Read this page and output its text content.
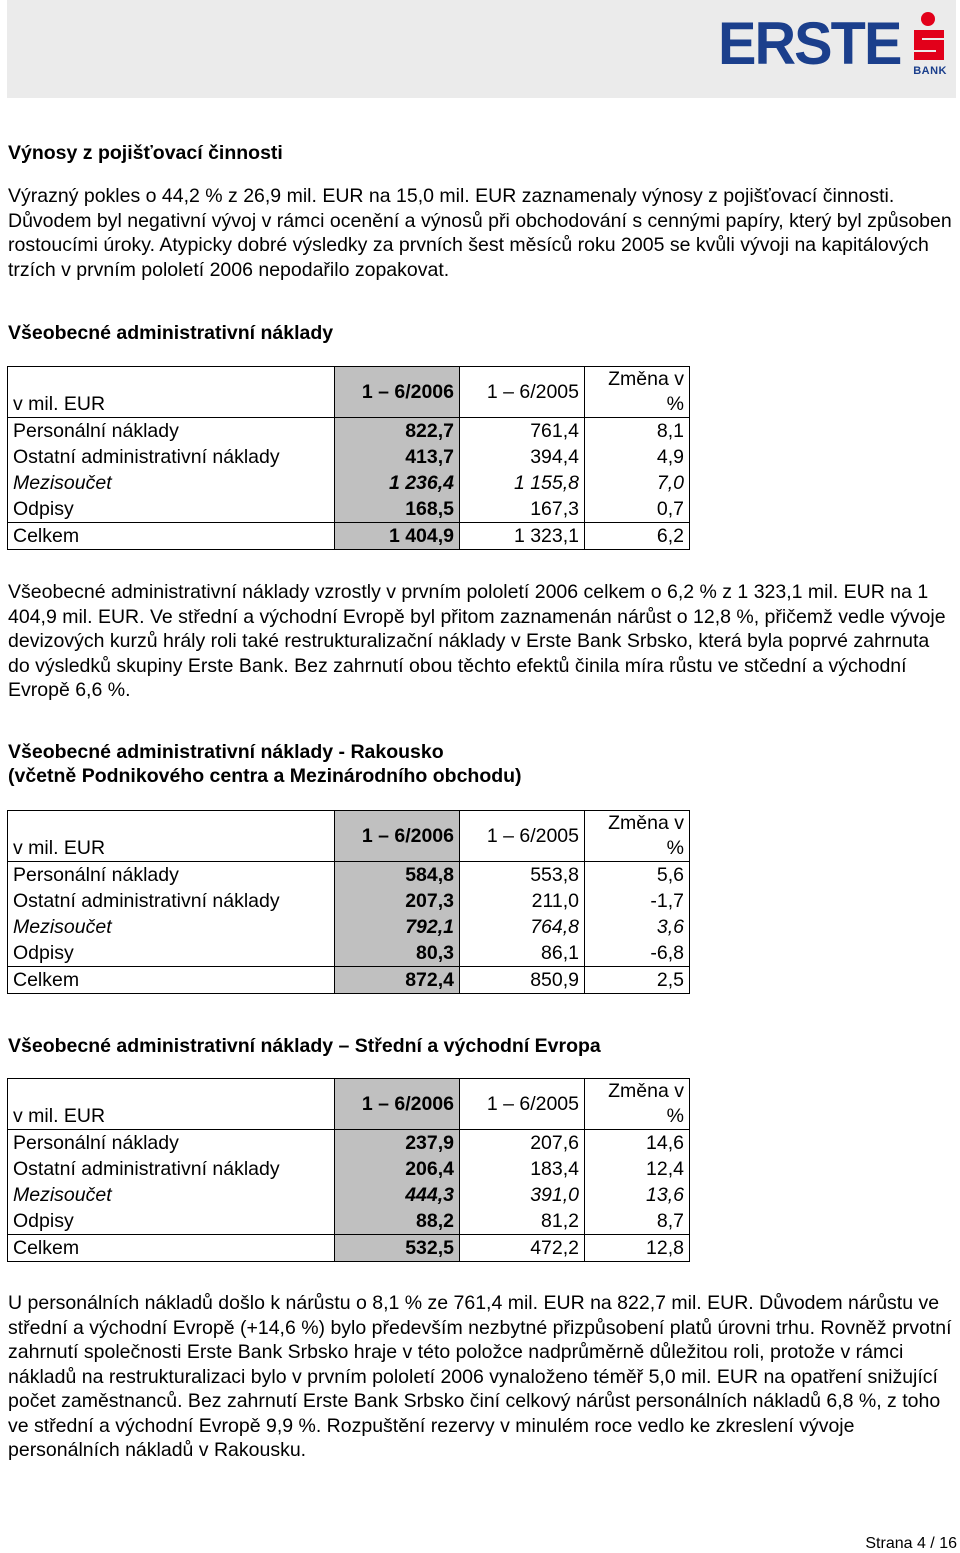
ERSTE BANK
Výnosy z pojišťovací činnosti

Výrazný pokles o 44,2 % z 26,9 mil. EUR na 15,0 mil. EUR zaznamenaly výnosy z pojišťovací činnosti. Důvodem byl negativní vývoj v rámci ocenění a výnosů při obchodování s cennými papíry, který byl způsoben rostoucími úroky. Atypicky dobré výsledky za prvních šest měsíců roku 2005 se kvůli vývoji na kapitálových trzích v prvním pololetí 2006 nepodařilo zopakovat.

Všeobecné administrativní náklady
v mil. EUR	1 – 6/2006	1 – 6/2005	Změna v %
Personální náklady	822,7	761,4	8,1
Ostatní administrativní náklady	413,7	394,4	4,9
Mezisoučet	1 236,4	1 155,8	7,0
Odpisy	168,5	167,3	0,7
Celkem	1 404,9	1 323,1	6,2

Všeobecné administrativní náklady vzrostly v prvním pololetí 2006 celkem o 6,2 % z 1 323,1 mil. EUR na 1 404,9 mil. EUR. Ve střední a východní Evropě byl přitom zaznamenán nárůst o 12,8 %, přičemž vedle vývoje devizových kurzů hrály roli také restrukturalizační náklady v Erste Bank Srbsko, která byla poprvé zahrnuta do výsledků skupiny Erste Bank. Bez zahrnutí obou těchto efektů činila míra růstu ve stčední a východní Evropě 6,6 %.

Všeobecné administrativní náklady - Rakousko
(včetně Podnikového centra a Mezinárodního obchodu)
v mil. EUR	1 – 6/2006	1 – 6/2005	Změna v %
Personální náklady	584,8	553,8	5,6
Ostatní administrativní náklady	207,3	211,0	-1,7
Mezisoučet	792,1	764,8	3,6
Odpisy	80,3	86,1	-6,8
Celkem	872,4	850,9	2,5
Všeobecné administrativní náklady – Střední a východní Evropa
v mil. EUR	1 – 6/2006	1 – 6/2005	Změna v %
Personální náklady	237,9	207,6	14,6
Ostatní administrativní náklady	206,4	183,4	12,4
Mezisoučet	444,3	391,0	13,6
Odpisy	88,2	81,2	8,7
Celkem	532,5	472,2	12,8

U personálních nákladů došlo k nárůstu o 8,1 % ze 761,4 mil. EUR na 822,7 mil. EUR. Důvodem nárůstu ve střední a východní Evropě (+14,6 %) bylo především nezbytné přizpůsobení platů úrovni trhu. Rovněž prvotní zahrnutí společnosti Erste Bank Srbsko hraje v této položce nadprůměrně důležitou roli, protože v rámci nákladů na restrukturalizaci bylo v prvním pololetí 2006 vynaloženo téměř 5,0 mil. EUR na opatření snižující počet zaměstnanců. Bez zahrnutí Erste Bank Srbsko činí celkový nárůst personálních nákladů 6,8 %, z toho ve střední a východní Evropě 9,9 %. Rozpuštění rezervy v minulém roce vedlo ke zkreslení vývoje personálních nákladů v Rakousku.

Strana 4 / 16
